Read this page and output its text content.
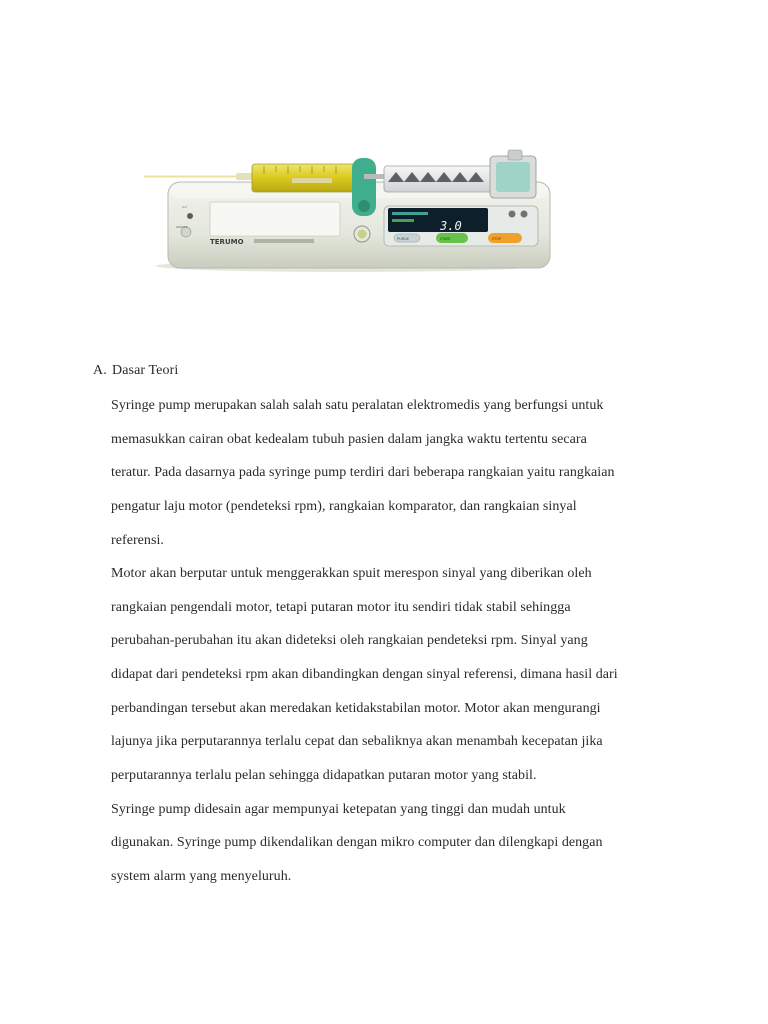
BAT
ON/OFF
TERUMO
3.0
PURGE	START	STOP
A. Dasar Teori
Syringe pump merupakan salah salah satu peralatan elektromedis yang berfungsi untuk
memasukkan cairan obat kedealam tubuh pasien dalam jangka waktu tertentu secara
teratur. Pada dasarnya pada syringe pump terdiri dari beberapa rangkaian yaitu rangkaian
pengatur laju motor (pendeteksi rpm), rangkaian komparator, dan rangkaian sinyal
referensi.
Motor akan berputar untuk menggerakkan spuit merespon sinyal yang diberikan oleh
rangkaian pengendali motor, tetapi putaran motor itu sendiri tidak stabil sehingga
perubahan-perubahan itu akan dideteksi oleh rangkaian pendeteksi rpm. Sinyal yang
didapat dari pendeteksi rpm akan dibandingkan dengan sinyal referensi, dimana hasil dari
perbandingan tersebut akan meredakan ketidakstabilan motor. Motor akan mengurangi
lajunya jika perputarannya terlalu cepat dan sebaliknya akan menambah kecepatan jika
perputarannya terlalu pelan sehingga didapatkan putaran motor yang stabil.
Syringe pump didesain agar mempunyai ketepatan yang tinggi dan mudah untuk
digunakan. Syringe pump dikendalikan dengan mikro computer dan dilengkapi dengan
system alarm yang menyeluruh.
